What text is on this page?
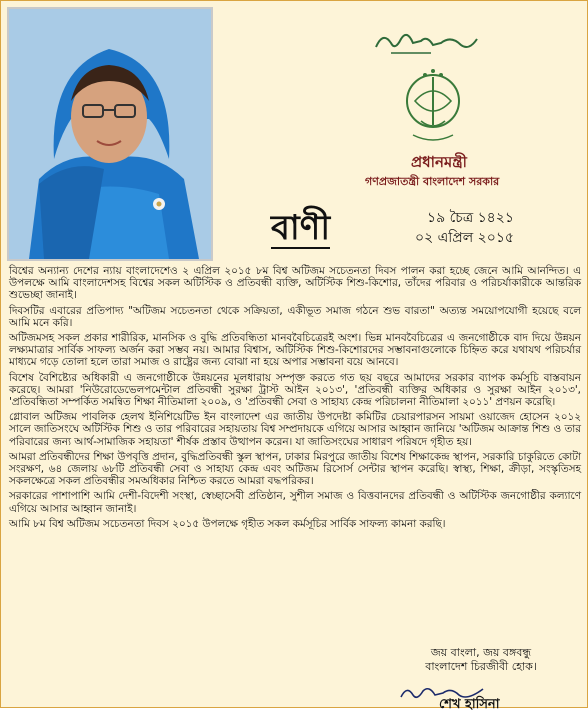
প্রধানমন্ত্রী
গণপ্রজাতন্ত্রী বাংলাদেশ সরকার
১৯ চৈত্র ১৪২১
০২ এপ্রিল ২০১৫
বাণী

বিশ্বের অন্যান্য দেশের ন্যায় বাংলাদেশেও ২ এপ্রিল ২০১৫ ৮ম বিশ্ব অটিজম সচেতনতা দিবস পালন করা হচ্ছে জেনে আমি আনন্দিত। এ উপলক্ষে আমি বাংলাদেশসহ বিশ্বের সকল অটিস্টিক ও প্রতিবন্ধী ব্যক্তি, অটিস্টিক শিশু-কিশোর, তাঁদের পরিবার ও পরিচর্যাকারীকে আন্তরিক শুভেচ্ছা জানাই।

দিবসটির এবারের প্রতিপাদ্য "অটিজম সচেতনতা থেকে সক্রিয়তা, একীভূত সমাজ গঠনে শুভ বারতা" অত্যন্ত সময়োপযোগী হয়েছে বলে আমি মনে করি।

অটিজমসহ সকল প্রকার শারীরিক, মানসিক ও বুদ্ধি প্রতিবন্ধিতা মানববৈচিত্রেরই অংশ। ভিন্ন মানববৈচিত্রের এ জনগোষ্ঠীকে বাদ দিয়ে উন্নয়ন লক্ষ্যমাত্রার সার্বিক সাফল্য অর্জন করা সম্ভব নয়। আমার বিশ্বাস, অটিস্টিক শিশু-কিশোরদের সম্ভাবনাগুলোকে চিহ্নিত করে যথাযথ পরিচর্যার মাধ্যমে গড়ে তোলা হলে তারা সমাজ ও রাষ্ট্রের জন্য বোঝা না হয়ে অপার সম্ভাবনা বয়ে আনবে।

বিশেষ বৈশিষ্ট্যের অধিকারী এ জনগোষ্ঠীকে উন্নয়নের মূলধারায় সম্পৃক্ত করতে গত ছয় বছরে আমাদের সরকার ব্যাপক কর্মসূচি বাস্তবায়ন করেছে। আমরা 'নিউরোডেভেলপমেন্টাল প্রতিবন্ধী সুরক্ষা ট্রাস্ট আইন ২০১৩', 'প্রতিবন্ধী ব্যক্তির অধিকার ও সুরক্ষা আইন ২০১৩', 'প্রতিবন্ধিতা সম্পর্কিত সমন্বিত শিক্ষা নীতিমালা ২০০৯, ও 'প্রতিবন্ধী সেবা ও সাহায্য কেন্দ্র পরিচালনা নীতিমালা ২০১১' প্রণয়ন করেছি।

গ্লোবাল অটিজম পাবলিক হেলথ ইনিশিয়েটিভ ইন বাংলাদেশ এর জাতীয় উপদেষ্টা কমিটির চেয়ারপারসন সায়মা ওয়াজেদ হোসেন ২০১২ সালে জাতিসংঘে অটিস্টিক শিশু ও তার পরিবারের সহায়তায় বিশ্ব সম্প্রদায়কে এগিয়ে আসার আহ্বান জানিয়ে 'অটিজম আক্রান্ত শিশু ও তার পরিবারের জন্য আর্থ-সামাজিক সহায়তা' শীর্ষক প্রস্তাব উত্থাপন করেন। যা জাতিসংঘের সাধারণ পরিষদে গৃহীত হয়।

আমরা প্রতিবন্ধীদের শিক্ষা উপবৃত্তি প্রদান, বুদ্ধিপ্রতিবন্ধী স্কুল স্থাপন, ঢাকার মিরপুরে জাতীয় বিশেষ শিক্ষাকেন্দ্র স্থাপন, সরকারি চাকুরিতে কোটা সংরক্ষণ, ৬৪ জেলায় ৬৮টি প্রতিবন্ধী সেবা ও সাহায্য কেন্দ্র এবং অটিজম রিসোর্স সেন্টার স্থাপন করেছি। স্বাস্থ্য, শিক্ষা, ক্রীড়া, সংস্কৃতিসহ সকলক্ষেত্রে সকল প্রতিবন্ধীর সমঅধিকার নিশ্চিত করতে আমরা বদ্ধপরিকর।

সরকারের পাশাপাশি আমি দেশী-বিদেশী সংস্থা, স্বেচ্ছাসেবী প্রতিষ্ঠান, সুশীল সমাজ ও বিত্তবানদের প্রতিবন্ধী ও অটিস্টিক জনগোষ্ঠীর কল্যাণে এগিয়ে আসার আহ্বান জানাই।

আমি ৮ম বিশ্ব অটিজম সচেতনতা দিবস ২০১৫ উপলক্ষে গৃহীত সকল কর্মসূচির সার্বিক সাফল্য কামনা করছি।

জয় বাংলা, জয় বঙ্গবন্ধু
বাংলাদেশ চিরজীবী হোক।
শেখ হাসিনা
